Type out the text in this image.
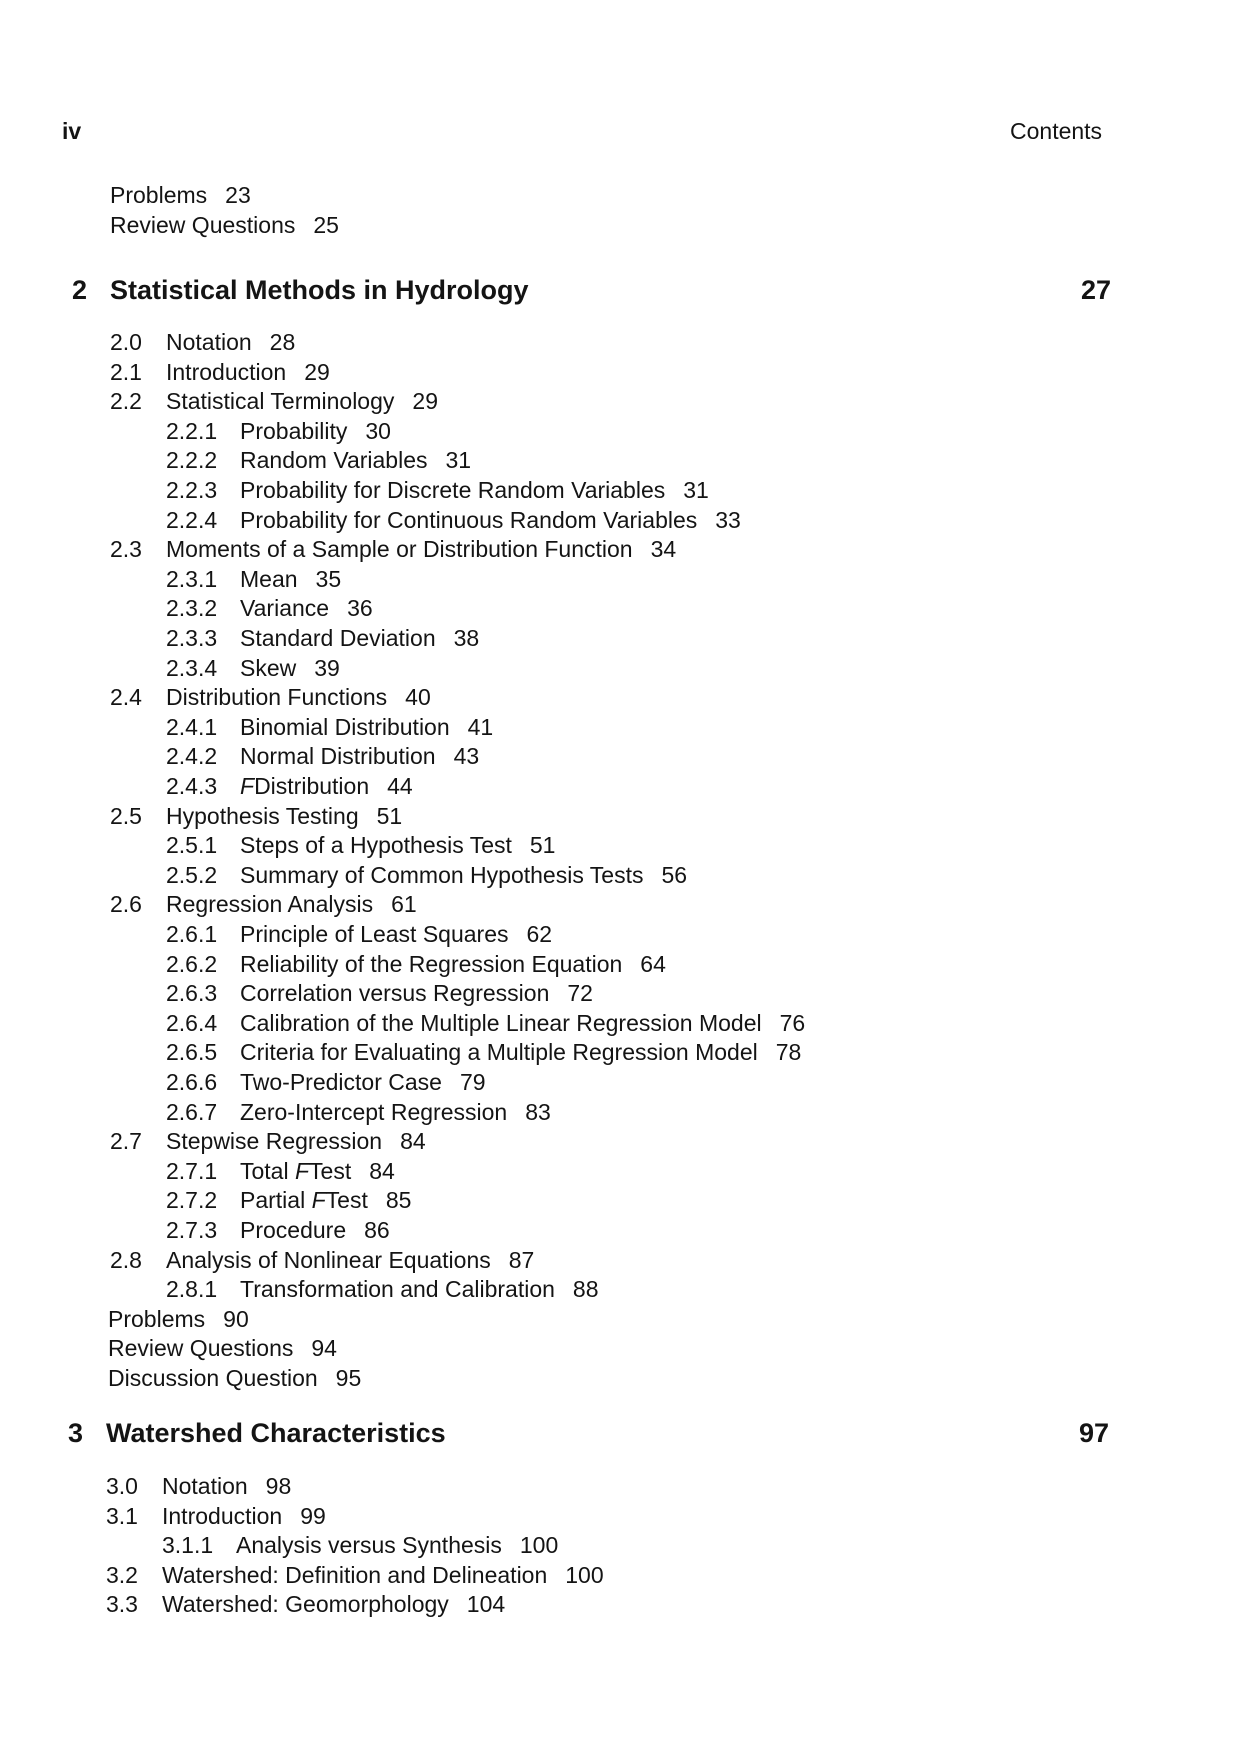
iv	Contents
Problems 23
Review Questions 25
2 Statistical Methods in Hydrology	27
2.0 Notation 28
2.1 Introduction 29
2.2 Statistical Terminology 29
2.2.1 Probability 30
2.2.2 Random Variables 31
2.2.3 Probability for Discrete Random Variables 31
2.2.4 Probability for Continuous Random Variables 33
2.3 Moments of a Sample or Distribution Function 34
2.3.1 Mean 35
2.3.2 Variance 36
2.3.3 Standard Deviation 38
2.3.4 Skew 39
2.4 Distribution Functions 40
2.4.1 Binomial Distribution 41
2.4.2 Normal Distribution 43
2.4.3 FDistribution 44
2.5 Hypothesis Testing 51
2.5.1 Steps of a Hypothesis Test 51
2.5.2 Summary of Common Hypothesis Tests 56
2.6 Regression Analysis 61
2.6.1 Principle of Least Squares 62
2.6.2 Reliability of the Regression Equation 64
2.6.3 Correlation versus Regression 72
2.6.4 Calibration of the Multiple Linear Regression Model 76
2.6.5 Criteria for Evaluating a Multiple Regression Model 78
2.6.6 Two-Predictor Case 79
2.6.7 Zero-Intercept Regression 83
2.7 Stepwise Regression 84
2.7.1 Total FTest 84
2.7.2 Partial FTest 85
2.7.3 Procedure 86
2.8 Analysis of Nonlinear Equations 87
2.8.1 Transformation and Calibration 88
Problems 90
Review Questions 94
Discussion Question 95
3 Watershed Characteristics	97
3.0 Notation 98
3.1 Introduction 99
3.1.1 Analysis versus Synthesis 100
3.2 Watershed: Definition and Delineation 100
3.3 Watershed: Geomorphology 104
